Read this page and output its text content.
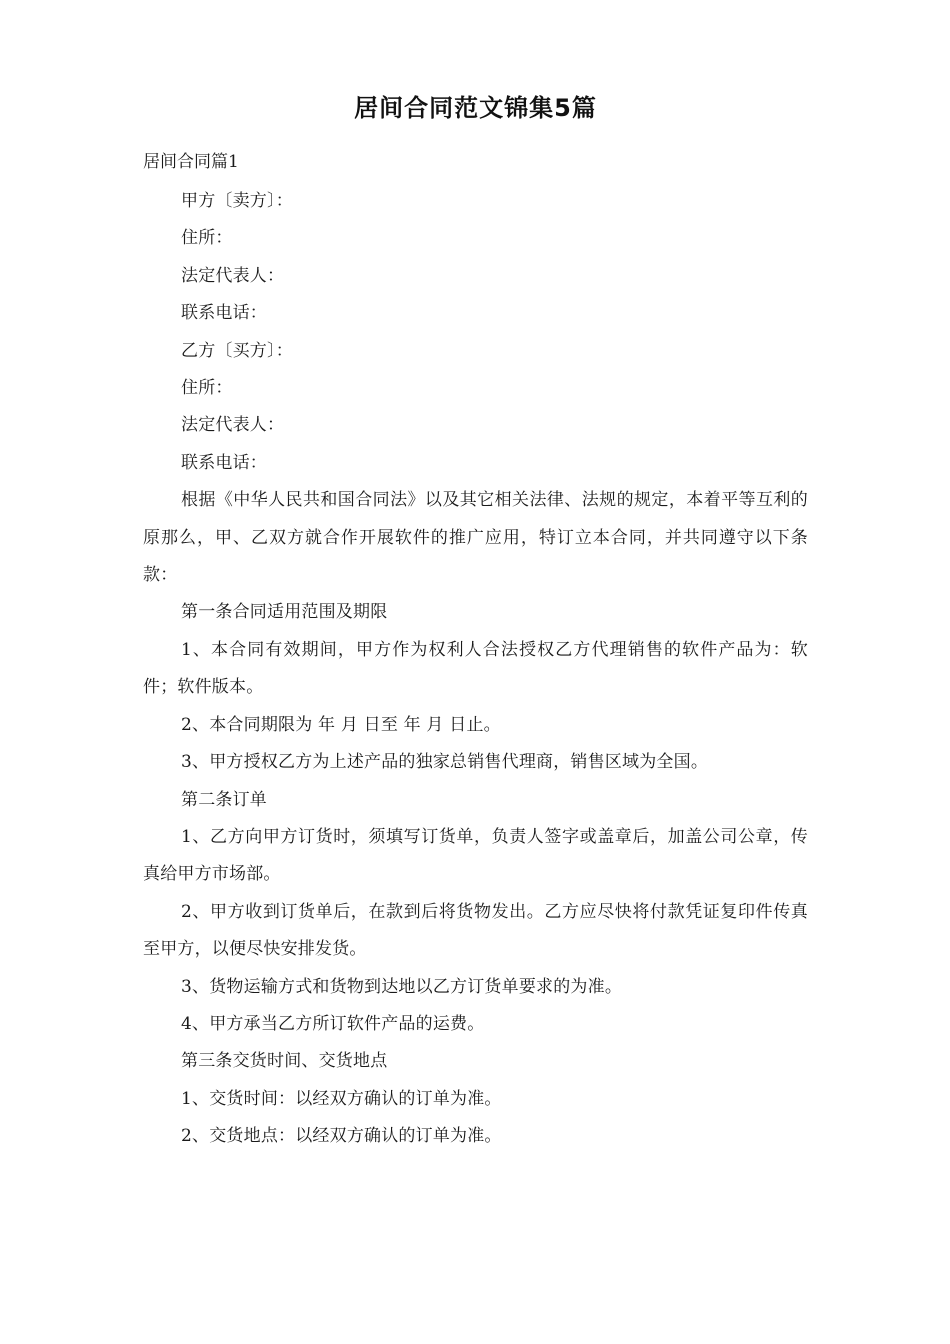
居间合同范文锦集5篇
居间合同篇1

甲方〔卖方〕：

住所：

法定代表人：

联系电话：

乙方〔买方〕：

住所：

法定代表人：

联系电话：

根据《中华人民共和国合同法》以及其它相关法律、法规的规定，本着平等互利的原那么，甲、乙双方就合作开展软件的推广应用，特订立本合同，并共同遵守以下条款：

第一条合同适用范围及期限

1、本合同有效期间，甲方作为权利人合法授权乙方代理销售的软件产品为：软件；软件版本。

2、本合同期限为 年 月 日至 年 月 日止。

3、甲方授权乙方为上述产品的独家总销售代理商，销售区域为全国。

第二条订单

1、乙方向甲方订货时，须填写订货单，负责人签字或盖章后，加盖公司公章，传真给甲方市场部。

2、甲方收到订货单后，在款到后将货物发出。乙方应尽快将付款凭证复印件传真至甲方，以便尽快安排发货。

3、货物运输方式和货物到达地以乙方订货单要求的为准。

4、甲方承当乙方所订软件产品的运费。

第三条交货时间、交货地点

1、交货时间：以经双方确认的订单为准。

2、交货地点：以经双方确认的订单为准。
